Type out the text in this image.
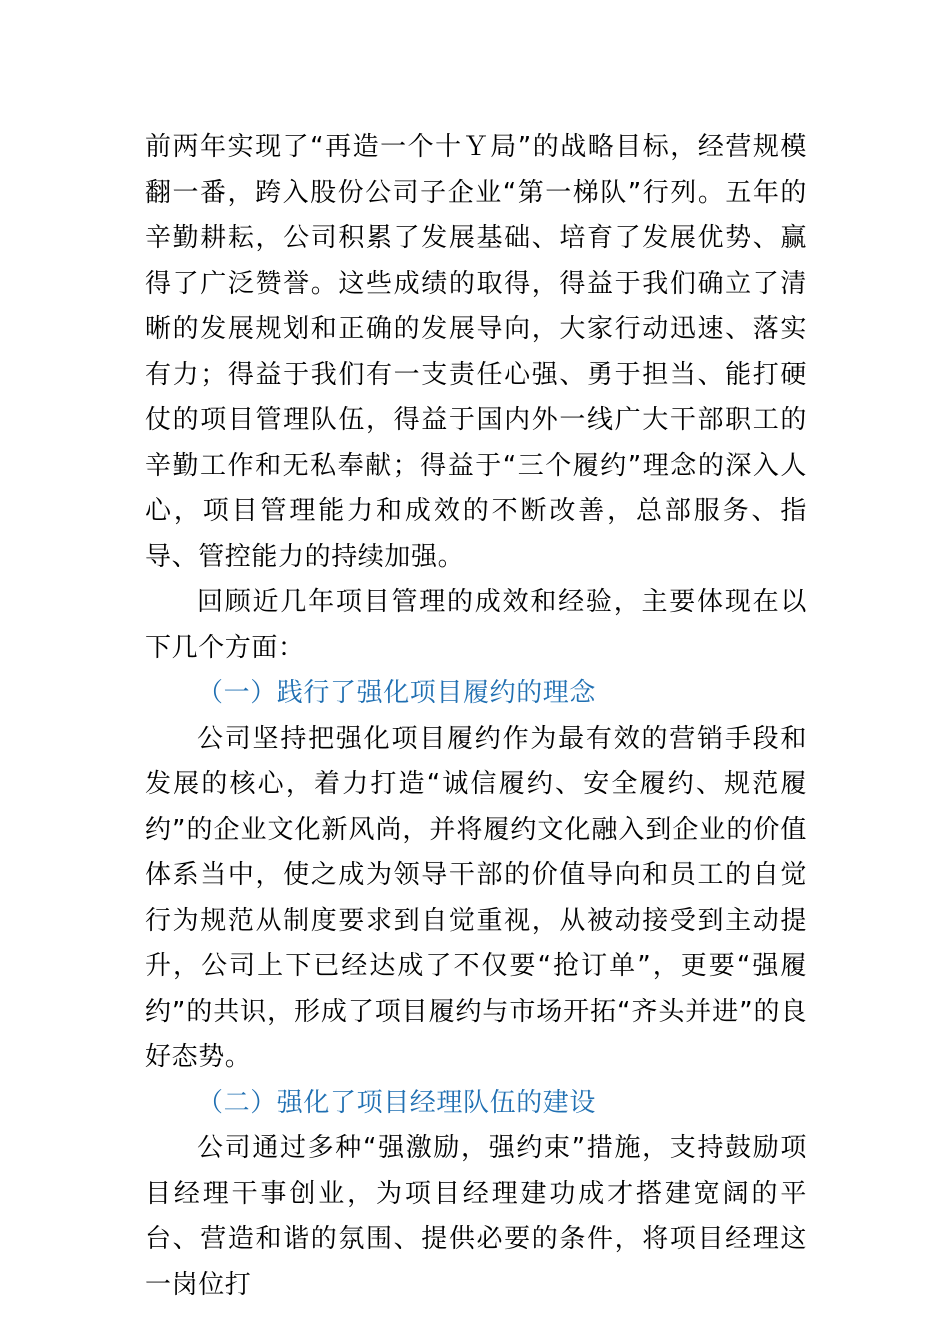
前两年实现了“再造一个十Ｙ局”的战略目标，经营规模翻一番，跨入股份公司子企业“第一梯队”行列。五年的辛勤耕耘，公司积累了发展基础、培育了发展优势、赢得了广泛赞誉。这些成绩的取得，得益于我们确立了清晰的发展规划和正确的发展导向，大家行动迅速、落实有力；得益于我们有一支责任心强、勇于担当、能打硬仗的项目管理队伍，得益于国内外一线广大干部职工的辛勤工作和无私奉献；得益于“三个履约”理念的深入人心，项目管理能力和成效的不断改善，总部服务、指导、管控能力的持续加强。

回顾近几年项目管理的成效和经验，主要体现在以下几个方面：

（一）践行了强化项目履约的理念

公司坚持把强化项目履约作为最有效的营销手段和发展的核心，着力打造“诚信履约、安全履约、规范履约”的企业文化新风尚，并将履约文化融入到企业的价值体系当中，使之成为领导干部的价值导向和员工的自觉行为规范从制度要求到自觉重视，从被动接受到主动提升，公司上下已经达成了不仅要“抢订单”，更要“强履约”的共识，形成了项目履约与市场开拓“齐头并进”的良好态势。

（二）强化了项目经理队伍的建设

公司通过多种“强激励，强约束”措施，支持鼓励项目经理干事创业，为项目经理建功成才搭建宽阔的平台、营造和谐的氛围、提供必要的条件，将项目经理这一岗位打
